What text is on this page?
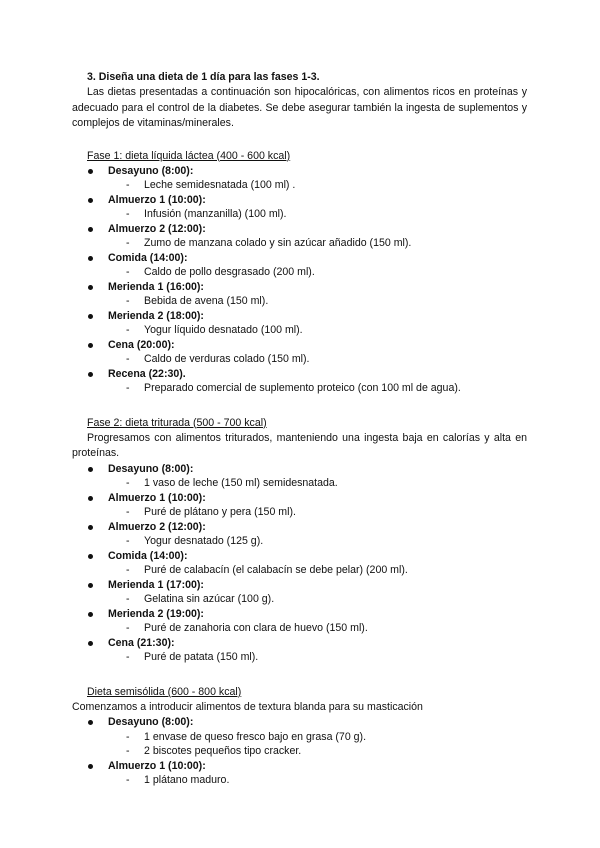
3. Diseña una dieta de 1 día para las fases 1-3.
Las dietas presentadas a continuación son hipocalóricas, con alimentos ricos en proteínas y adecuado para el control de la diabetes. Se debe asegurar también la ingesta de suplementos y complejos de vitaminas/minerales.
Fase 1: dieta líquida láctea (400 - 600 kcal)
Desayuno (8:00):
- Leche semidesnatada (100 ml) .
Almuerzo 1 (10:00):
- Infusión (manzanilla) (100 ml).
Almuerzo 2 (12:00):
- Zumo de manzana colado y sin azúcar añadido (150 ml).
Comida (14:00):
- Caldo de pollo desgrasado (200 ml).
Merienda 1 (16:00):
- Bebida de avena (150 ml).
Merienda 2 (18:00):
- Yogur líquido desnatado (100 ml).
Cena (20:00):
- Caldo de verduras colado (150 ml).
Recena (22:30).
- Preparado comercial de suplemento proteico (con 100 ml de agua).
Fase 2: dieta triturada (500 - 700 kcal)
Progresamos con alimentos triturados, manteniendo una ingesta baja en calorías y alta en proteínas.
Desayuno (8:00):
- 1 vaso de leche (150 ml) semidesnatada.
Almuerzo 1 (10:00):
- Puré de plátano y pera (150 ml).
Almuerzo 2 (12:00):
- Yogur desnatado (125 g).
Comida (14:00):
- Puré de calabacín (el calabacín se debe pelar) (200 ml).
Merienda 1 (17:00):
- Gelatina sin azúcar (100 g).
Merienda 2 (19:00):
- Puré de zanahoria con clara de huevo (150 ml).
Cena (21:30):
- Puré de patata (150 ml).
Dieta semisólida (600 - 800 kcal)
Comenzamos a introducir alimentos de textura blanda para su masticación
Desayuno (8:00):
- 1 envase de queso fresco bajo en grasa (70 g).
- 2 biscotes pequeños tipo cracker.
Almuerzo 1 (10:00):
- 1 plátano maduro.
